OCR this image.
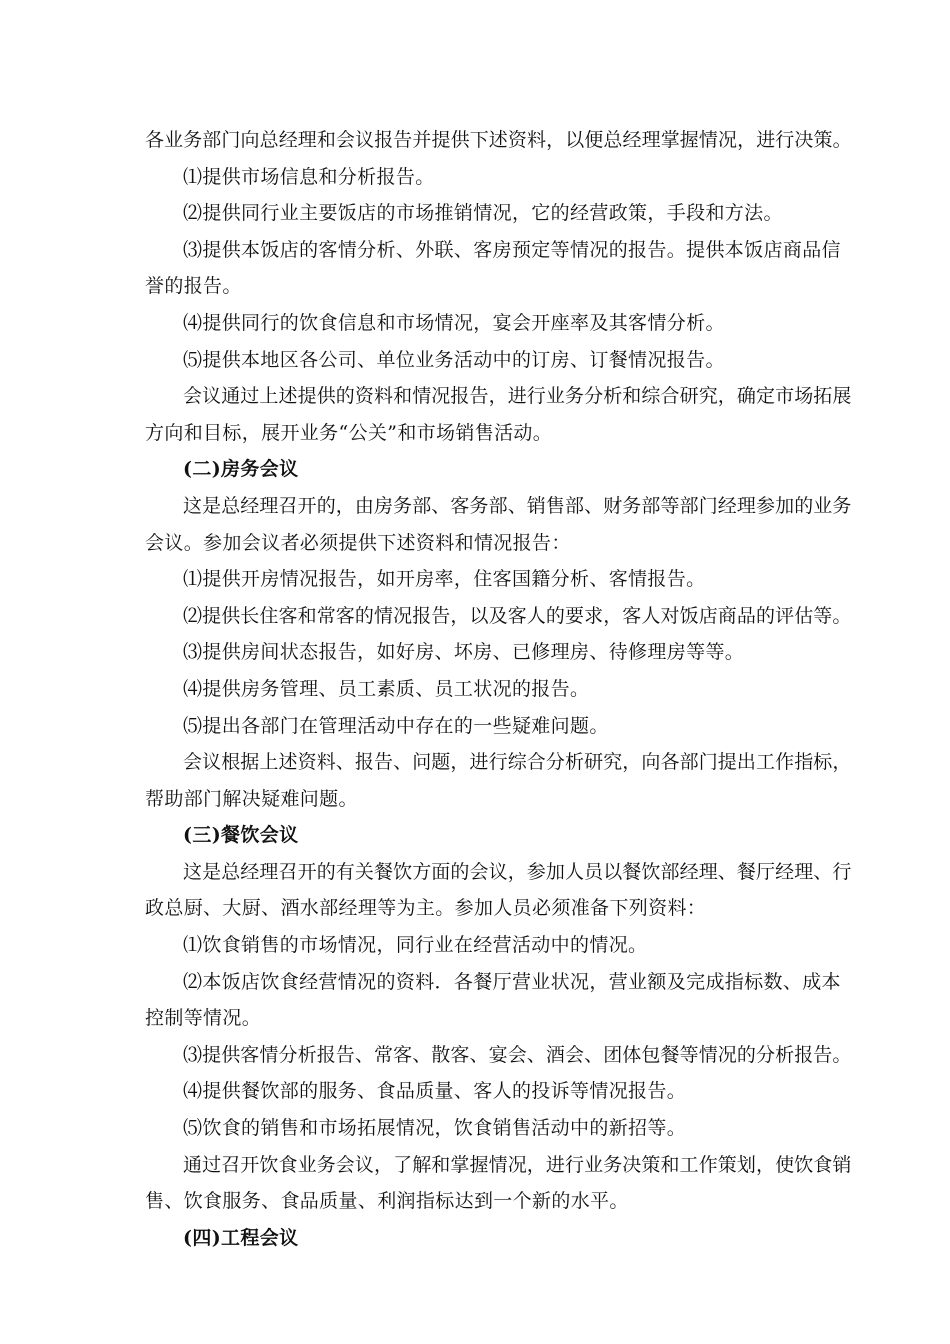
各业务部门向总经理和会议报告并提供下述资料，以便总经理掌握情况，进行决策。
⑴提供市场信息和分析报告。
⑵提供同行业主要饭店的市场推销情况，它的经营政策，手段和方法。
⑶提供本饭店的客情分析、外联、客房预定等情况的报告。提供本饭店商品信
誉的报告。
⑷提供同行的饮食信息和市场情况，宴会开座率及其客情分析。
⑸提供本地区各公司、单位业务活动中的订房、订餐情况报告。
会议通过上述提供的资料和情况报告，进行业务分析和综合研究，确定市场拓展
方向和目标，展开业务“公关”和市场销售活动。
(二)房务会议
这是总经理召开的，由房务部、客务部、销售部、财务部等部门经理参加的业务
会议。参加会议者必须提供下述资料和情况报告：
⑴提供开房情况报告，如开房率，住客国籍分析、客情报告。
⑵提供长住客和常客的情况报告，以及客人的要求，客人对饭店商品的评估等。
⑶提供房间状态报告，如好房、坏房、已修理房、待修理房等等。
⑷提供房务管理、员工素质、员工状况的报告。
⑸提出各部门在管理活动中存在的一些疑难问题。
会议根据上述资料、报告、问题，进行综合分析研究，向各部门提出工作指标，
帮助部门解决疑难问题。
(三)餐饮会议
这是总经理召开的有关餐饮方面的会议，参加人员以餐饮部经理、餐厅经理、行
政总厨、大厨、酒水部经理等为主。参加人员必须准备下列资料：
⑴饮食销售的市场情况，同行业在经营活动中的情况。
⑵本饭店饮食经营情况的资料．各餐厅营业状况，营业额及完成指标数、成本
控制等情况。
⑶提供客情分析报告、常客、散客、宴会、酒会、团体包餐等情况的分析报告。
⑷提供餐饮部的服务、食品质量、客人的投诉等情况报告。
⑸饮食的销售和市场拓展情况，饮食销售活动中的新招等。
通过召开饮食业务会议，了解和掌握情况，进行业务决策和工作策划，使饮食销
售、饮食服务、食品质量、利润指标达到一个新的水平。
(四)工程会议
